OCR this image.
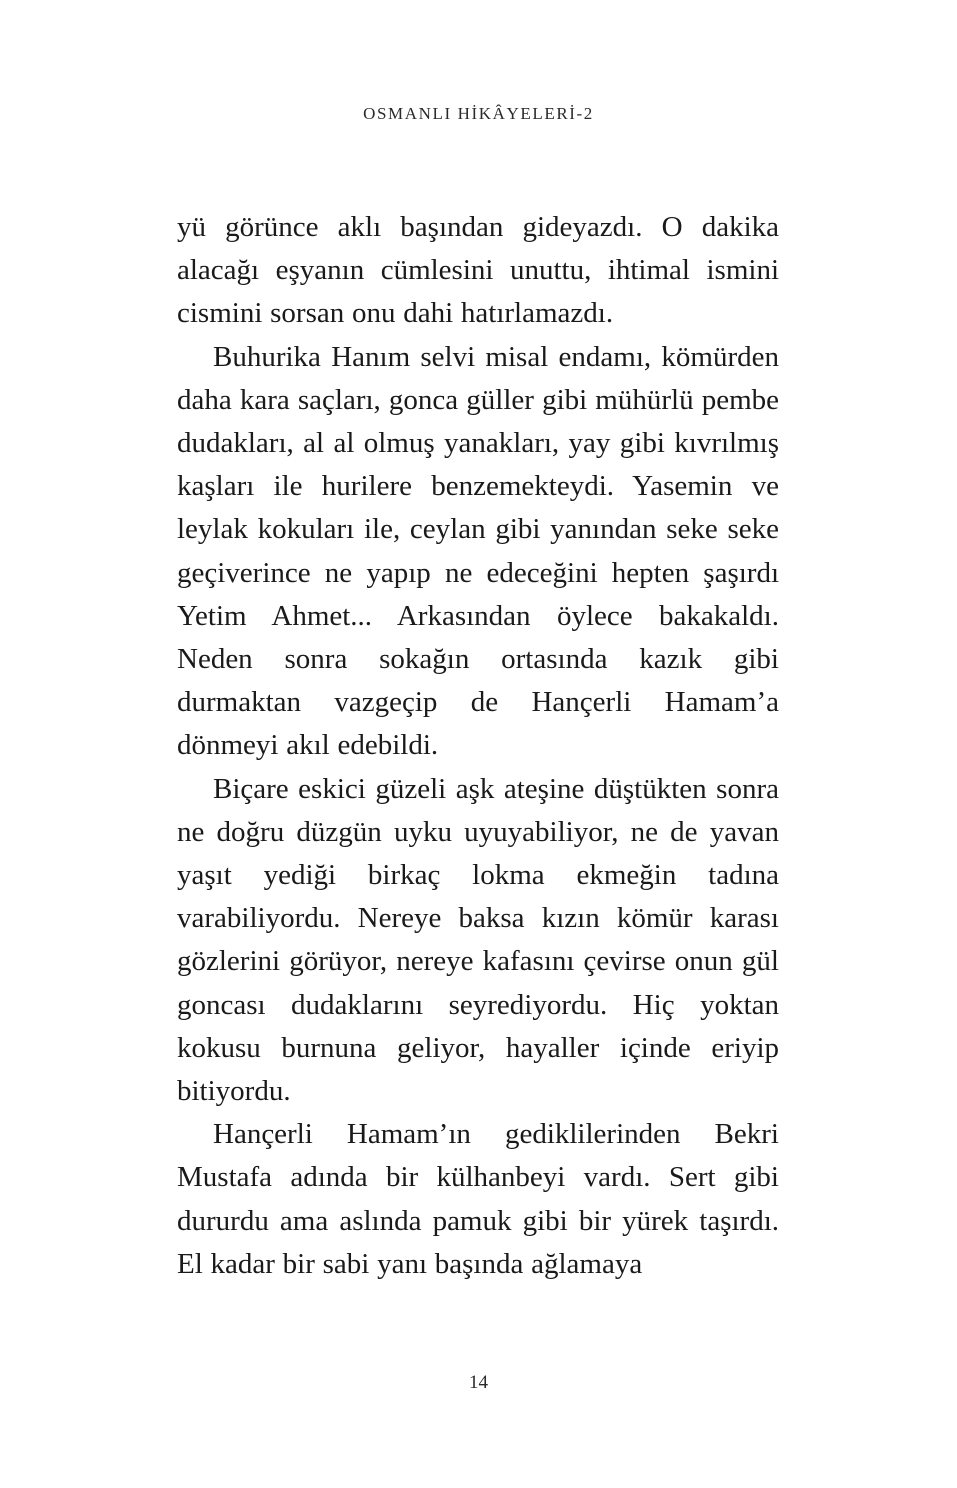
OSMANLI HİKÂYELERİ-2

yü görünce aklı başından gideyazdı. O dakika alacağı eşyanın cümlesini unuttu, ihtimal ismini cismini sorsan onu dahi hatırlamazdı.

Buhurika Hanım selvi misal endamı, kömürden daha kara saçları, gonca güller gibi mühürlü pembe dudakları, al al olmuş yanakları, yay gibi kıvrılmış kaşları ile hurilere benzemekteydi. Yasemin ve leylak kokuları ile, ceylan gibi yanından seke seke geçiverince ne yapıp ne edeceğini hepten şaşırdı Yetim Ahmet... Arkasından öylece bakakaldı. Neden sonra sokağın ortasında kazık gibi durmaktan vazgeçip de Hançerli Hamam’a dönmeyi akıl edebildi.

Biçare eskici güzeli aşk ateşine düştükten sonra ne doğru düzgün uyku uyuyabiliyor, ne de yavan yaşıt yediği birkaç lokma ekmeğin tadına varabiliyordu. Nereye baksa kızın kömür karası gözlerini görüyor, nereye kafasını çevirse onun gül goncası dudaklarını seyrediyordu. Hiç yoktan kokusu burnuna geliyor, hayaller içinde eriyip bitiyordu.

Hançerli Hamam’ın gediklilerinden Bekri Mustafa adında bir külhanbeyi vardı. Sert gibi dururdu ama aslında pamuk gibi bir yürek taşırdı. El kadar bir sabi yanı başında ağlamaya

14
